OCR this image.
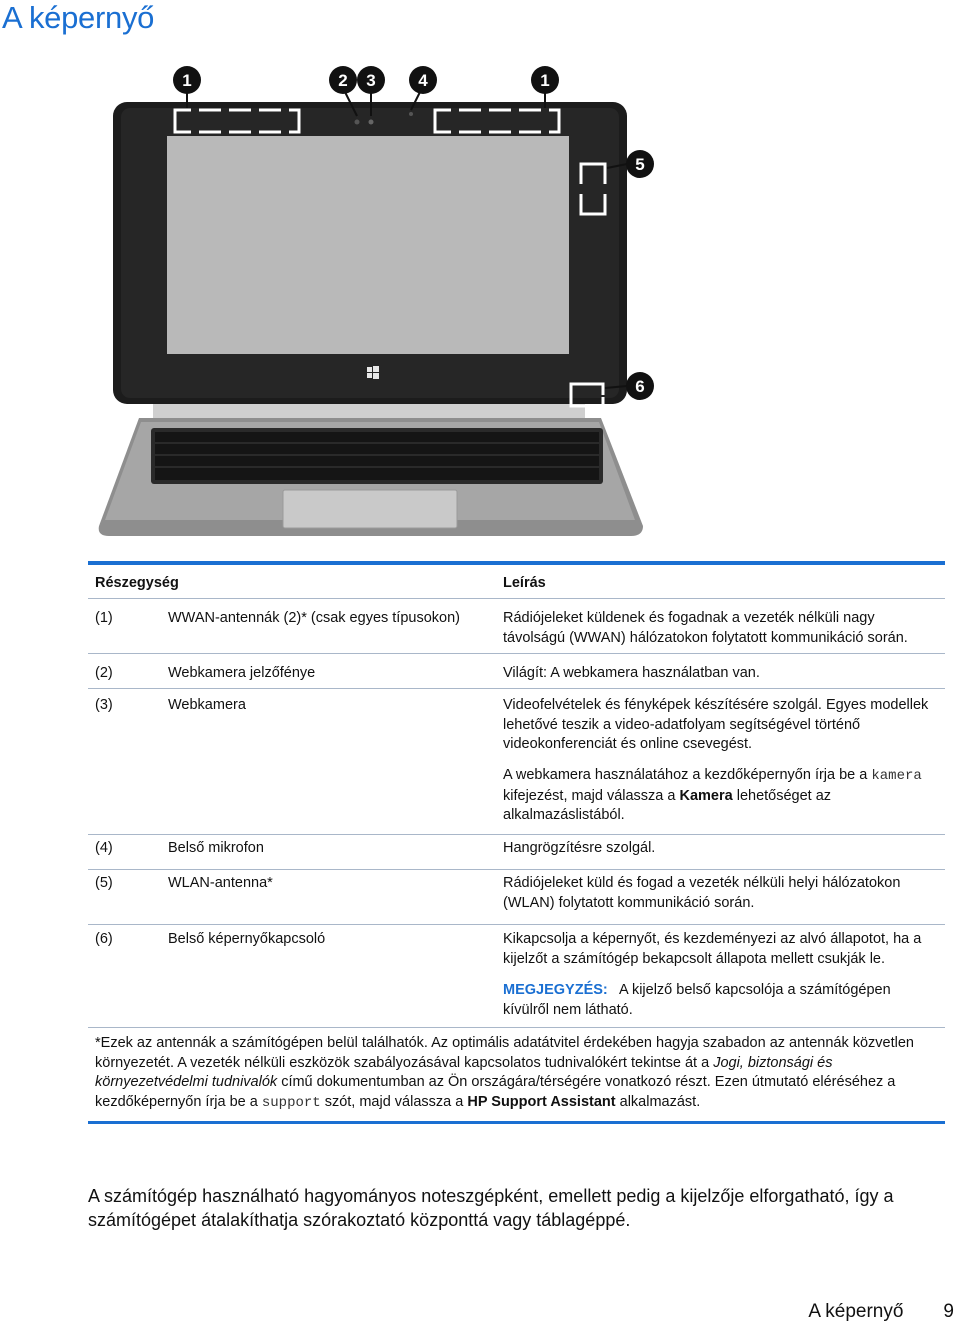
A képernyő
1	2 3	4	1
5
6
Részegység	Leírás
(1)	WWAN-antennák (2)* (csak egyes típusokon)	Rádiójeleket küldenek és fogadnak a vezeték nélküli nagy távolságú (WWAN) hálózatokon folytatott kommunikáció során.
(2)	Webkamera jelzőfénye	Világít: A webkamera használatban van.
(3)	Webkamera	Videofelvételek és fényképek készítésére szolgál. Egyes modellek lehetővé teszik a video-adatfolyam segítségével történő videokonferenciát és online csevegést.
A webkamera használatához a kezdőképernyőn írja be a kamera kifejezést, majd válassza a Kamera lehetőséget az alkalmazáslistából.
(4)	Belső mikrofon	Hangrögzítésre szolgál.
(5)	WLAN-antenna*	Rádiójeleket küld és fogad a vezeték nélküli helyi hálózatokon (WLAN) folytatott kommunikáció során.
(6)	Belső képernyőkapcsoló	Kikapcsolja a képernyőt, és kezdeményezi az alvó állapotot, ha a kijelzőt a számítógép bekapcsolt állapota mellett csukják le.
MEGJEGYZÉS: A kijelző belső kapcsolója a számítógépen kívülről nem látható.
*Ezek az antennák a számítógépen belül találhatók. Az optimális adatátvitel érdekében hagyja szabadon az antennák közvetlen környezetét. A vezeték nélküli eszközök szabályozásával kapcsolatos tudnivalókért tekintse át a Jogi, biztonsági és környezetvédelmi tudnivalók című dokumentumban az Ön országára/térségére vonatkozó részt. Ezen útmutató eléréséhez a kezdőképernyőn írja be a support szót, majd válassza a HP Support Assistant alkalmazást.

A számítógép használható hagyományos noteszgépként, emellett pedig a kijelzője elforgatható, így a számítógépet átalakíthatja szórakoztató központtá vagy táblagéppé.

A képernyő 9
